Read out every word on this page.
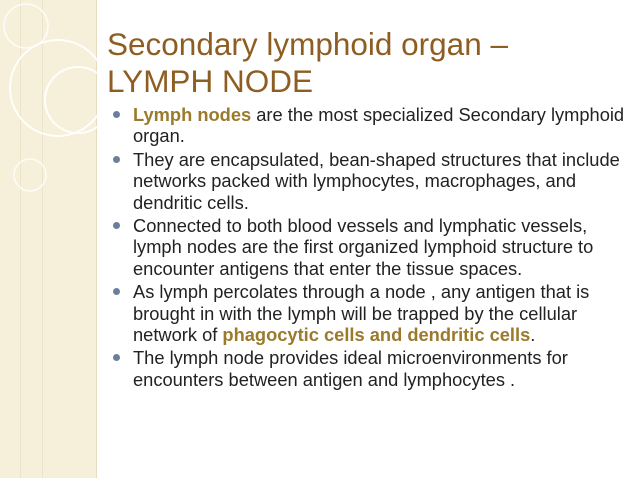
Secondary lymphoid organ –
LYMPH NODE
Lymph nodes are the most specialized Secondary lymphoid organ.
They are encapsulated, bean-shaped structures that include networks packed with lymphocytes, macrophages, and dendritic cells.
Connected to both blood vessels and lymphatic vessels, lymph nodes are the first organized lymphoid structure to encounter antigens that enter the tissue spaces.
As lymph percolates through a node , any antigen that is brought in with the lymph will be trapped by the cellular network of phagocytic cells and dendritic cells.
The lymph node provides ideal microenvironments for encounters between antigen and lymphocytes .
